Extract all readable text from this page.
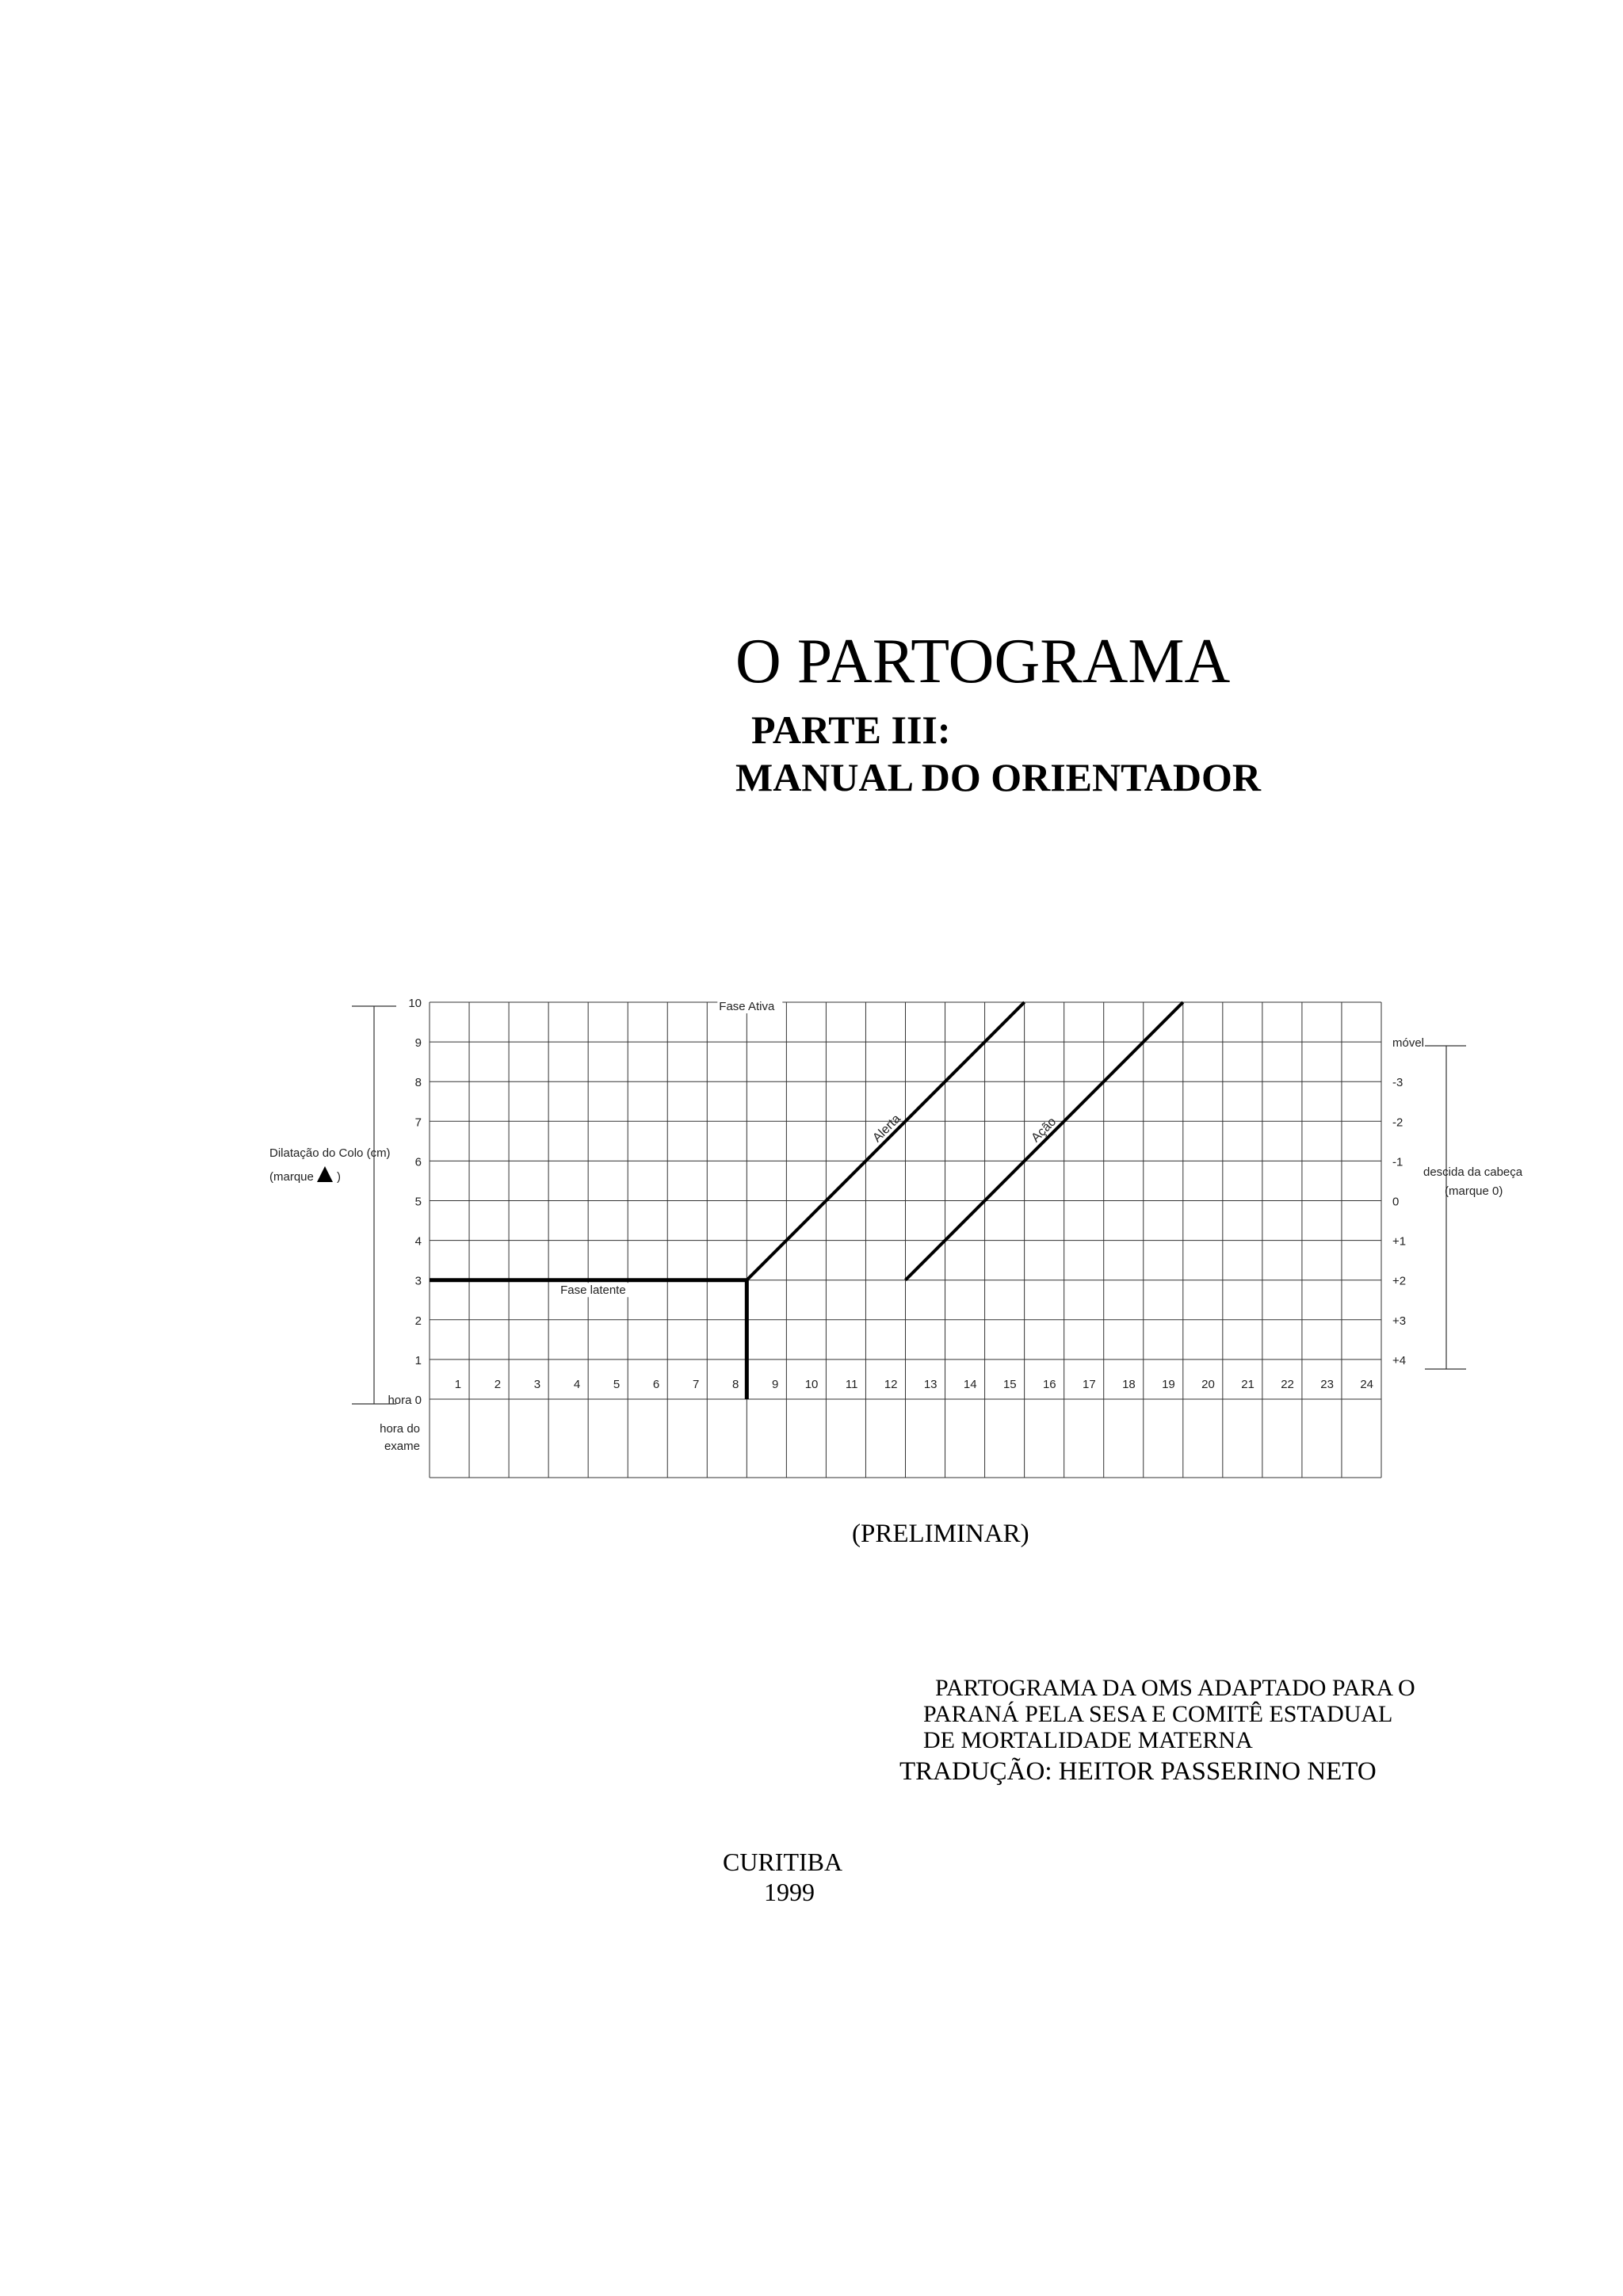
O PARTOGRAMA
PARTE III:
MANUAL DO ORIENTADOR
1
2
3
4
5
6
7
8
9
10
hora 0
móvel
-3
-2
-1
0
+1
+2
+3
+4
1	2	3	4	5	6	7	8	9 10 11 12 13 14 15 16 17 18 19 20 21 22 23 24
Alerta	Ação
hora do
exame
Dilatação do Colo (cm)
(marque )	descida da cabeça
(marque 0)
Fase Ativa
Fase latente
(PRELIMINAR)
PARTOGRAMA DA OMS ADAPTADO PARA O
PARANÁ PELA SESA E COMITÊ ESTADUAL
DE MORTALIDADE MATERNA
TRADUÇÃO: HEITOR PASSERINO NETO
CURITIBA
1999
